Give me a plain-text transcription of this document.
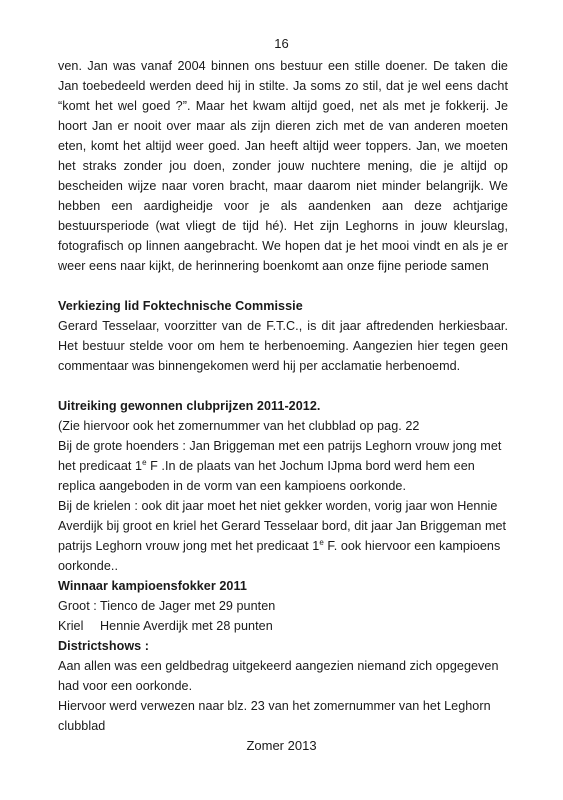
16

ven. Jan was vanaf 2004 binnen ons bestuur een stille doener. De taken die Jan toebedeeld werden deed hij in stilte. Ja soms zo stil, dat je wel eens dacht “komt het wel goed ?”. Maar het kwam altijd goed, net als met je fokkerij. Je hoort Jan er nooit over maar als zijn dieren zich met de van anderen moeten eten, komt het altijd weer goed. Jan heeft altijd weer toppers. Jan, we moeten het straks zonder jou doen, zonder jouw nuchtere mening, die je altijd op bescheiden wijze naar voren bracht, maar daarom niet minder belangrijk. We hebben een aardigheidje voor je als aandenken aan deze achtjarige bestuursperiode (wat vliegt de tijd hé). Het zijn Leghorns in jouw kleurslag, fotografisch op linnen aangebracht. We hopen dat je het mooi vindt en als je er weer eens naar kijkt, de herinnering boenkomt aan onze fijne periode samen

Verkiezing lid Foktechnische Commissie

Gerard Tesselaar, voorzitter van de F.T.C., is dit jaar aftredenden herkiesbaar. Het bestuur stelde voor om hem te herbenoeming. Aangezien hier tegen geen commentaar was binnengekomen werd hij per acclamatie herbenoemd.

Uitreiking gewonnen clubprijzen 2011-2012.

(Zie hiervoor ook het zomernummer van het clubblad op pag. 22

Bij de grote hoenders : Jan Briggeman met een patrijs Leghorn vrouw jong met het predicaat 1e F .In de plaats van het Jochum IJpma bord werd hem een replica aangeboden in de vorm van een kampioens oorkonde.

Bij de krielen : ook dit jaar moet het niet gekker worden, vorig jaar won Hennie Averdijk bij groot en kriel het Gerard Tesselaar bord, dit jaar Jan Briggeman met patrijs Leghorn vrouw jong met het predicaat 1e F. ook hiervoor een kampioens oorkonde..

Winnaar kampioensfokker 2011

Groot : Tienco de Jager met 29 punten
Kriel	Hennie Averdijk met 28 punten

Districtshows :

Aan allen was een geldbedrag uitgekeerd aangezien niemand zich opgegeven had voor een oorkonde.

Hiervoor werd verwezen naar blz. 23 van het zomernummer van het Leghorn clubblad

Zomer 2013
